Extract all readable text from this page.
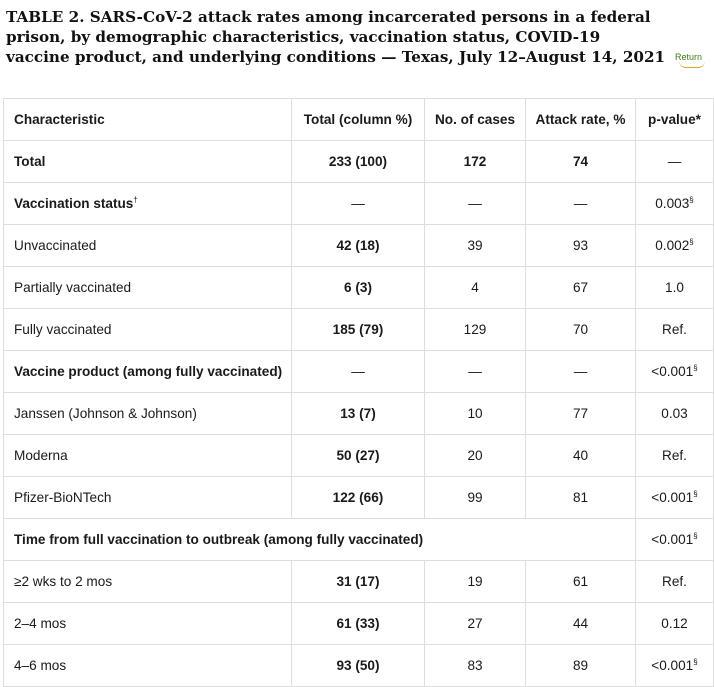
TABLE 2. SARS-CoV-2 attack rates among incarcerated persons in a federal prison, by demographic characteristics, vaccination status, COVID-19 vaccine product, and underlying conditions — Texas, July 12–August 14, 2021 Return
Characteristic	Total (column %)	No. of cases	Attack rate, %	p-value*
Total	233 (100)	172	74	—
Vaccination status†	—	—	—	0.003§
Unvaccinated	42 (18)	39	93	0.002§
Partially vaccinated	6 (3)	4	67	1.0
Fully vaccinated	185 (79)	129	70	Ref.
Vaccine product (among fully vaccinated)	—	—	—	<0.001§
Janssen (Johnson & Johnson)	13 (7)	10	77	0.03
Moderna	50 (27)	20	40	Ref.
Pfizer-BioNTech	122 (66)	99	81	<0.001§
Time from full vaccination to outbreak (among fully vaccinated)				<0.001§
≥2 wks to 2 mos	31 (17)	19	61	Ref.
2–4 mos	61 (33)	27	44	0.12
4–6 mos	93 (50)	83	89	<0.001§
